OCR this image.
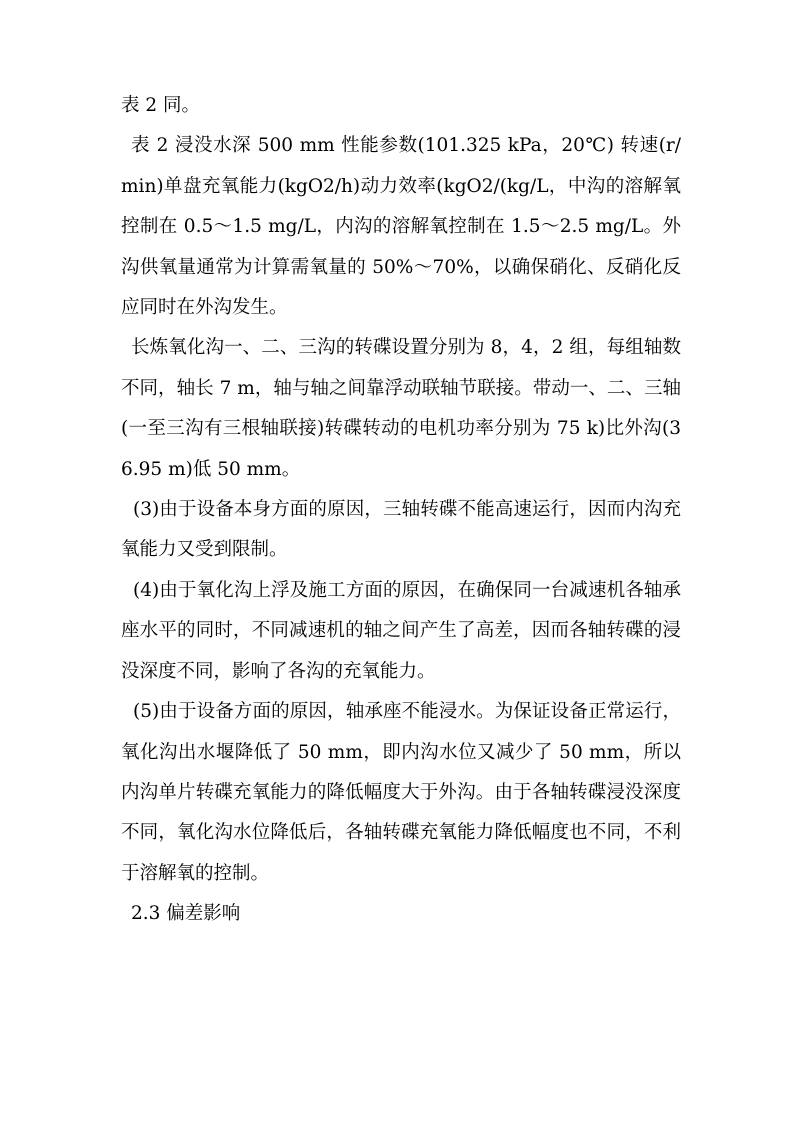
表 2 同。

表 2 浸没水深 500 mm 性能参数(101.325 kPa，20℃) 转速(r/min)单盘充氧能力(kgO2/h)动力效率(kgO2/(kg/L，中沟的溶解氧控制在 0.5～1.5 mg/L，内沟的溶解氧控制在 1.5～2.5 mg/L。外沟供氧量通常为计算需氧量的 50%～70%，以确保硝化、反硝化反应同时在外沟发生。

长炼氧化沟一、二、三沟的转碟设置分别为 8，4，2 组，每组轴数不同，轴长 7 m，轴与轴之间靠浮动联轴节联接。带动一、二、三轴(一至三沟有三根轴联接)转碟转动的电机功率分别为 75 k)比外沟(36.95 m)低 50 mm。

(3)由于设备本身方面的原因，三轴转碟不能高速运行，因而内沟充氧能力又受到限制。

(4)由于氧化沟上浮及施工方面的原因，在确保同一台减速机各轴承座水平的同时，不同减速机的轴之间产生了高差，因而各轴转碟的浸没深度不同，影响了各沟的充氧能力。

(5)由于设备方面的原因，轴承座不能浸水。为保证设备正常运行，氧化沟出水堰降低了 50 mm，即内沟水位又减少了 50 mm，所以内沟单片转碟充氧能力的降低幅度大于外沟。由于各轴转碟浸没深度不同，氧化沟水位降低后，各轴转碟充氧能力降低幅度也不同，不利于溶解氧的控制。

2.3 偏差影响
